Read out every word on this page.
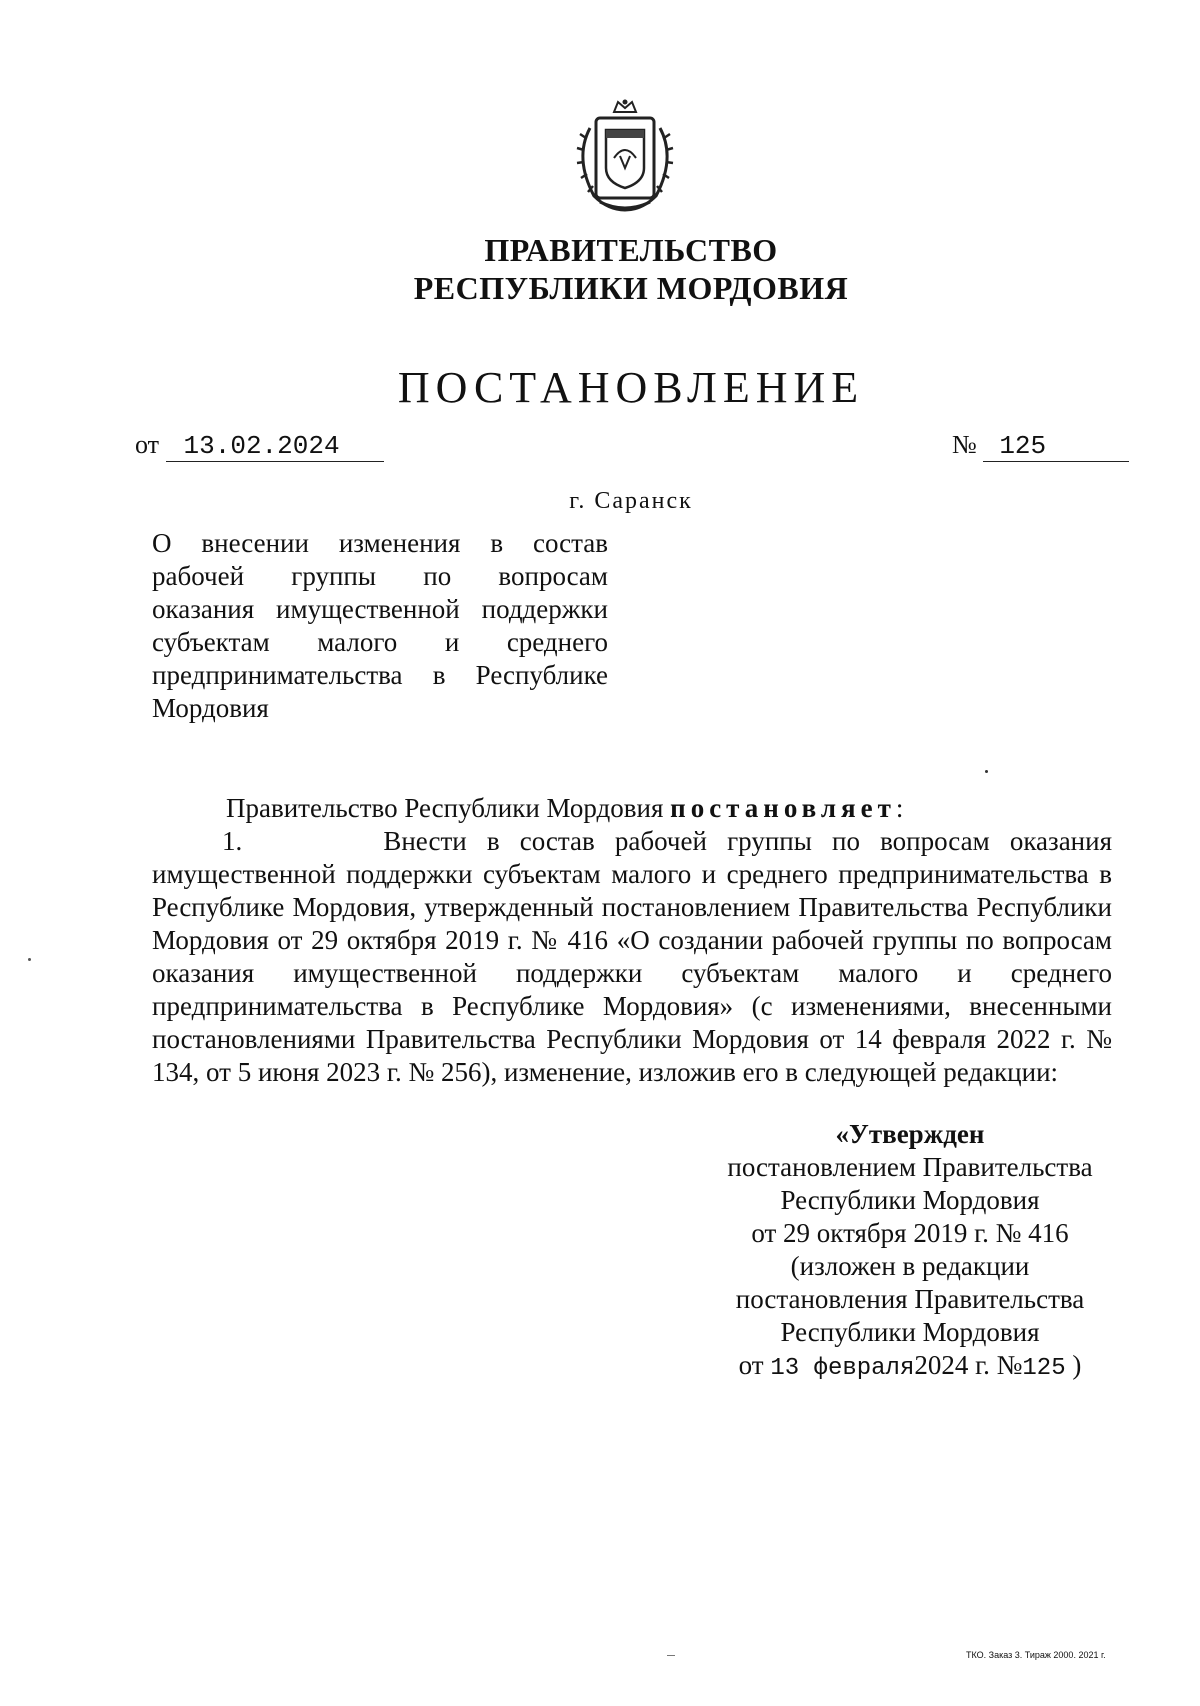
ПРАВИТЕЛЬСТВО
РЕСПУБЛИКИ МОРДОВИЯ
ПОСТАНОВЛЕНИЕ
от 13.02.2024	№ 125
г. Саранск
О внесении изменения в состав
рабочей группы по вопросам
оказания имущественной поддержки
субъектам малого и среднего
предпринимательства в Республике
Мордовия
Правительство Республики Мордовия постановляет:
1.	Внести в состав рабочей группы по вопросам оказания имущественной поддержки субъектам малого и среднего предпринимательства в Республике Мордовия, утвержденный постановлением Правительства Республики Мордовия от 29 октября 2019 г. № 416 «О создании рабочей группы по вопросам оказания имущественной поддержки субъектам малого и среднего предпринимательства в Республике Мордовия» (с изменениями, внесенными постановлениями Правительства Республики Мордовия от 14 февраля 2022 г. № 134, от 5 июня 2023 г. № 256), изменение, изложив его в следующей редакции:
«Утвержден
постановлением Правительства
Республики Мордовия
от 29 октября 2019 г. № 416
(изложен в редакции
постановления Правительства
Республики Мордовия
от 13 февраля2024 г. №125 )
ТКО. Заказ 3. Тираж 2000. 2021 г.
